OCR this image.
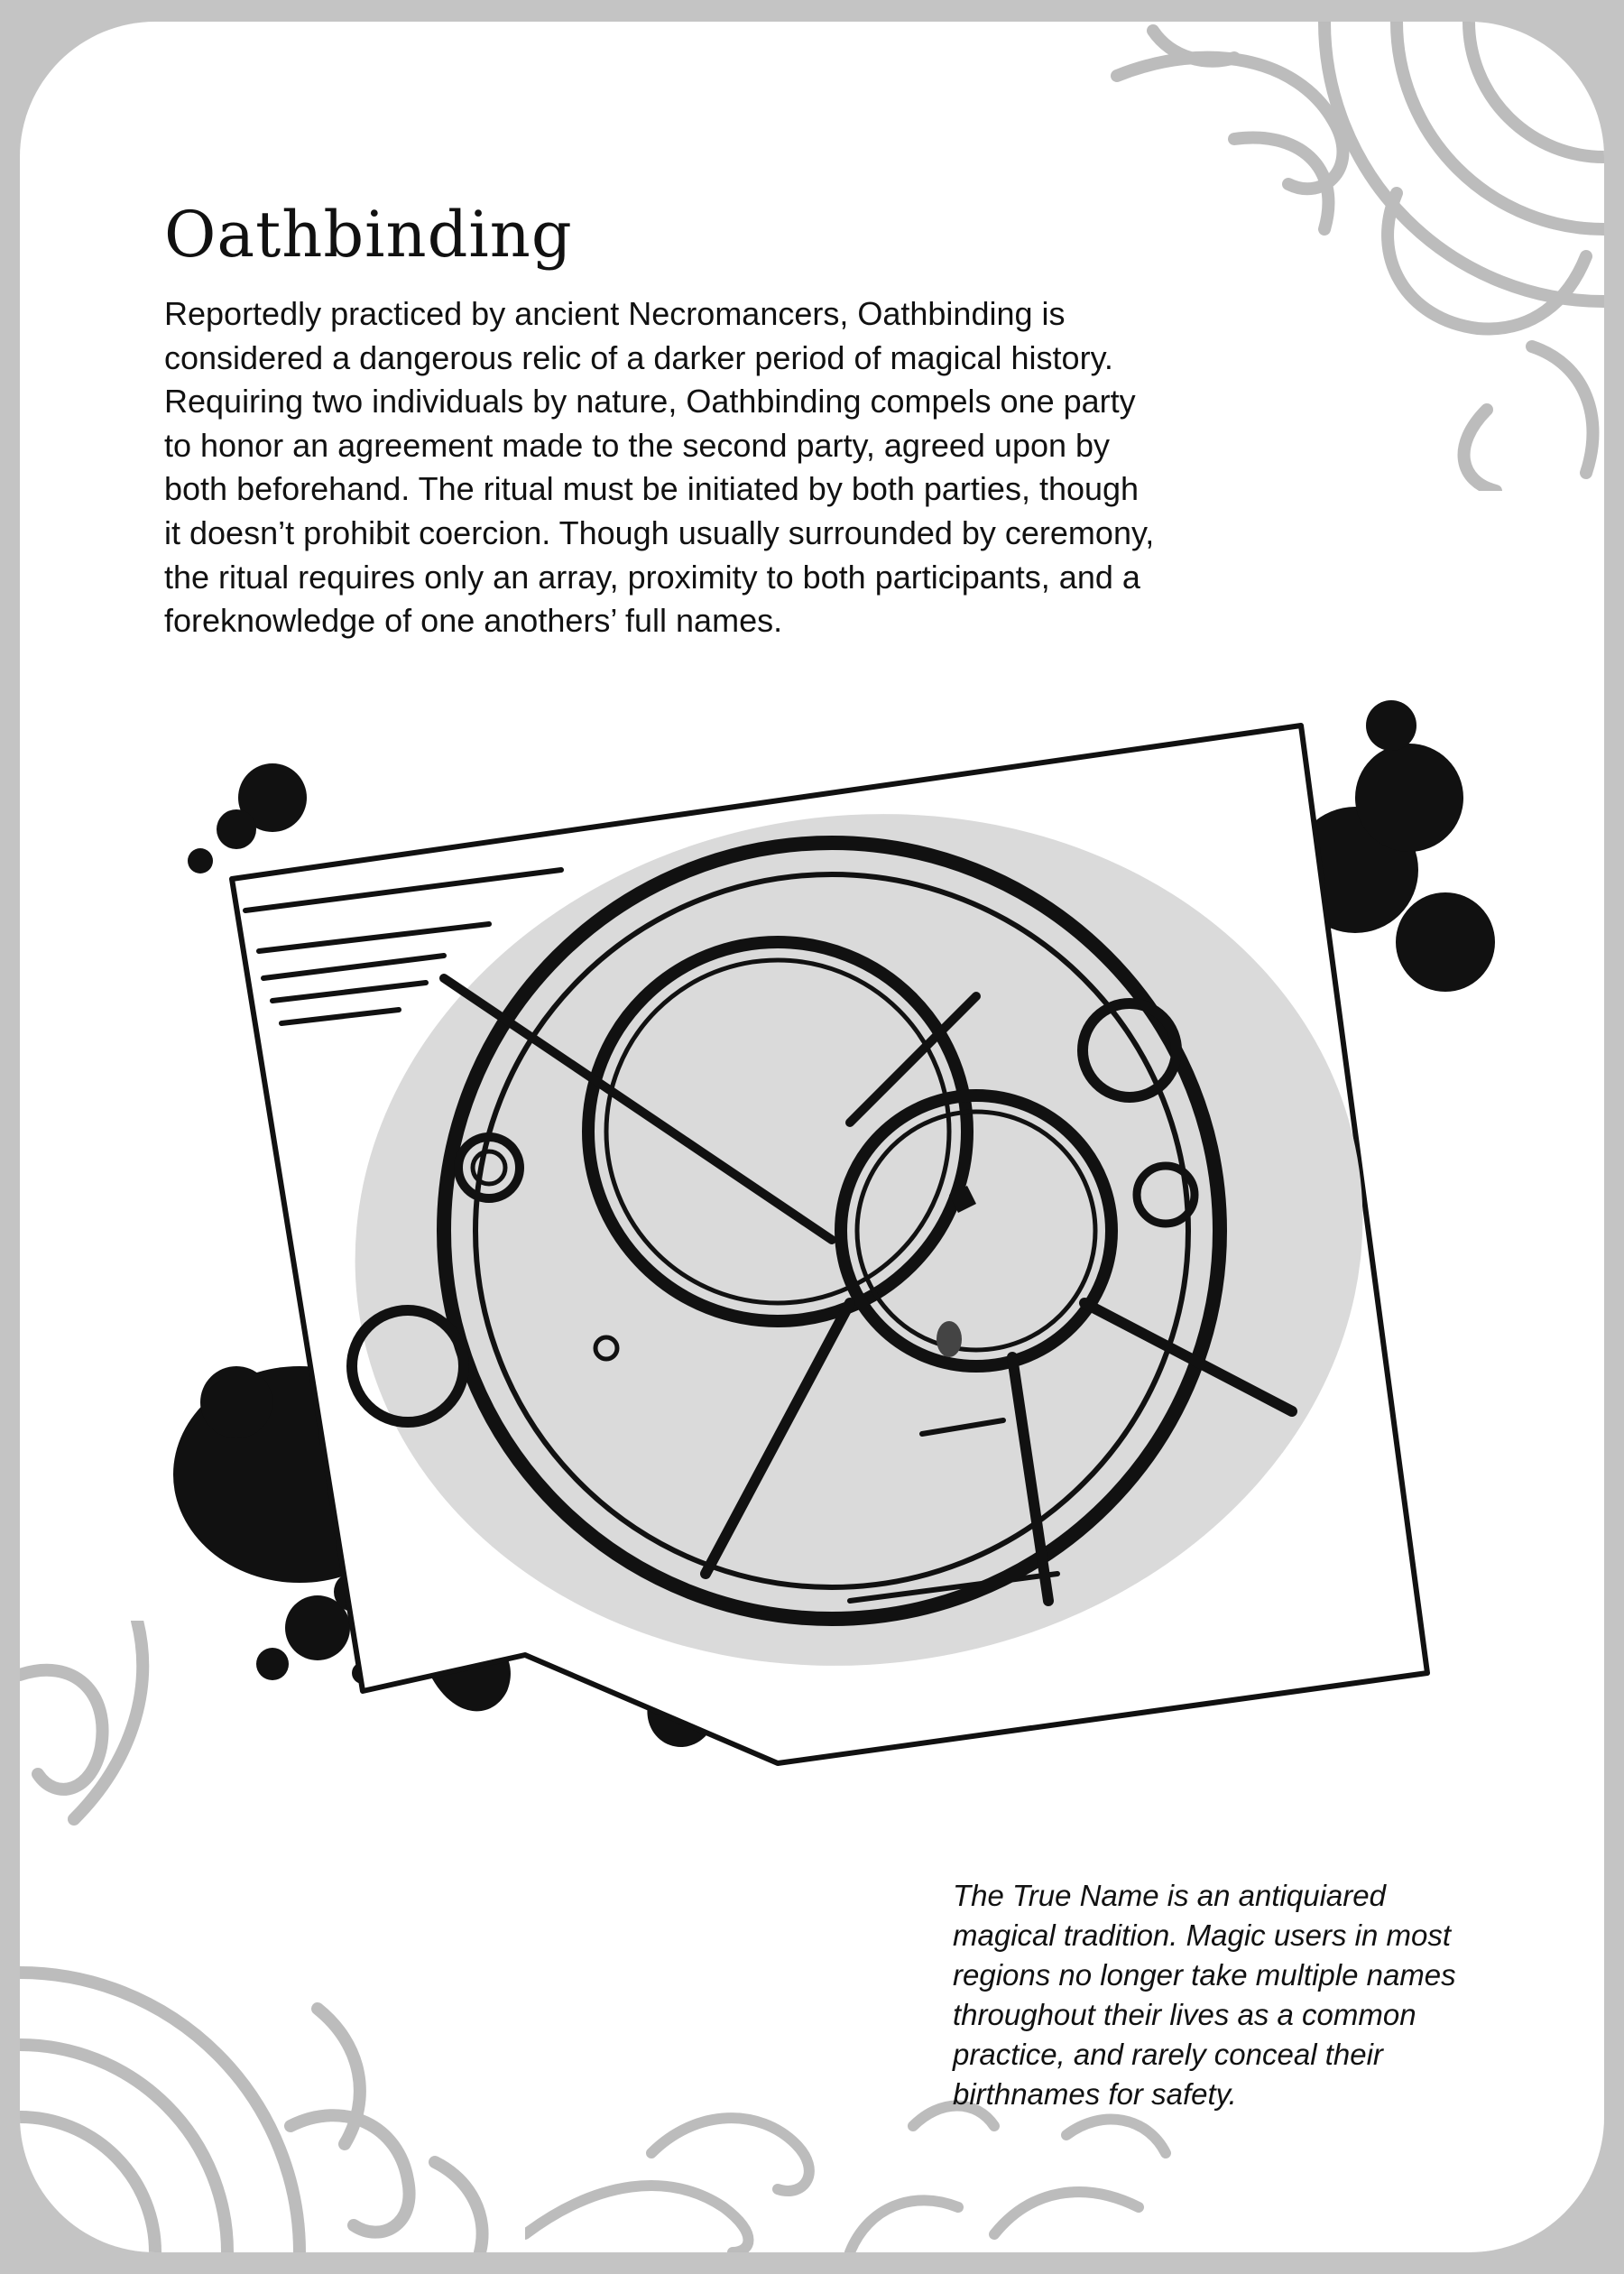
Oathbinding

Reportedly practiced by ancient Necromancers, Oathbinding is
considered a dangerous relic of a darker period of magical history.
Requiring two individuals by nature, Oathbinding compels one party
to honor an agreement made to the second party, agreed upon by
both beforehand. The ritual must be initiated by both parties, though
it doesn’t prohibit coercion. Though usually surrounded by ceremony,
the ritual requires only an array, proximity to both participants, and a
foreknowledge of one anothers’ full names.

The True Name is an antiquiared
magical tradition. Magic users in most
regions no longer take multiple names
throughout their lives as a common
practice, and rarely conceal their
birthnames for safety.
